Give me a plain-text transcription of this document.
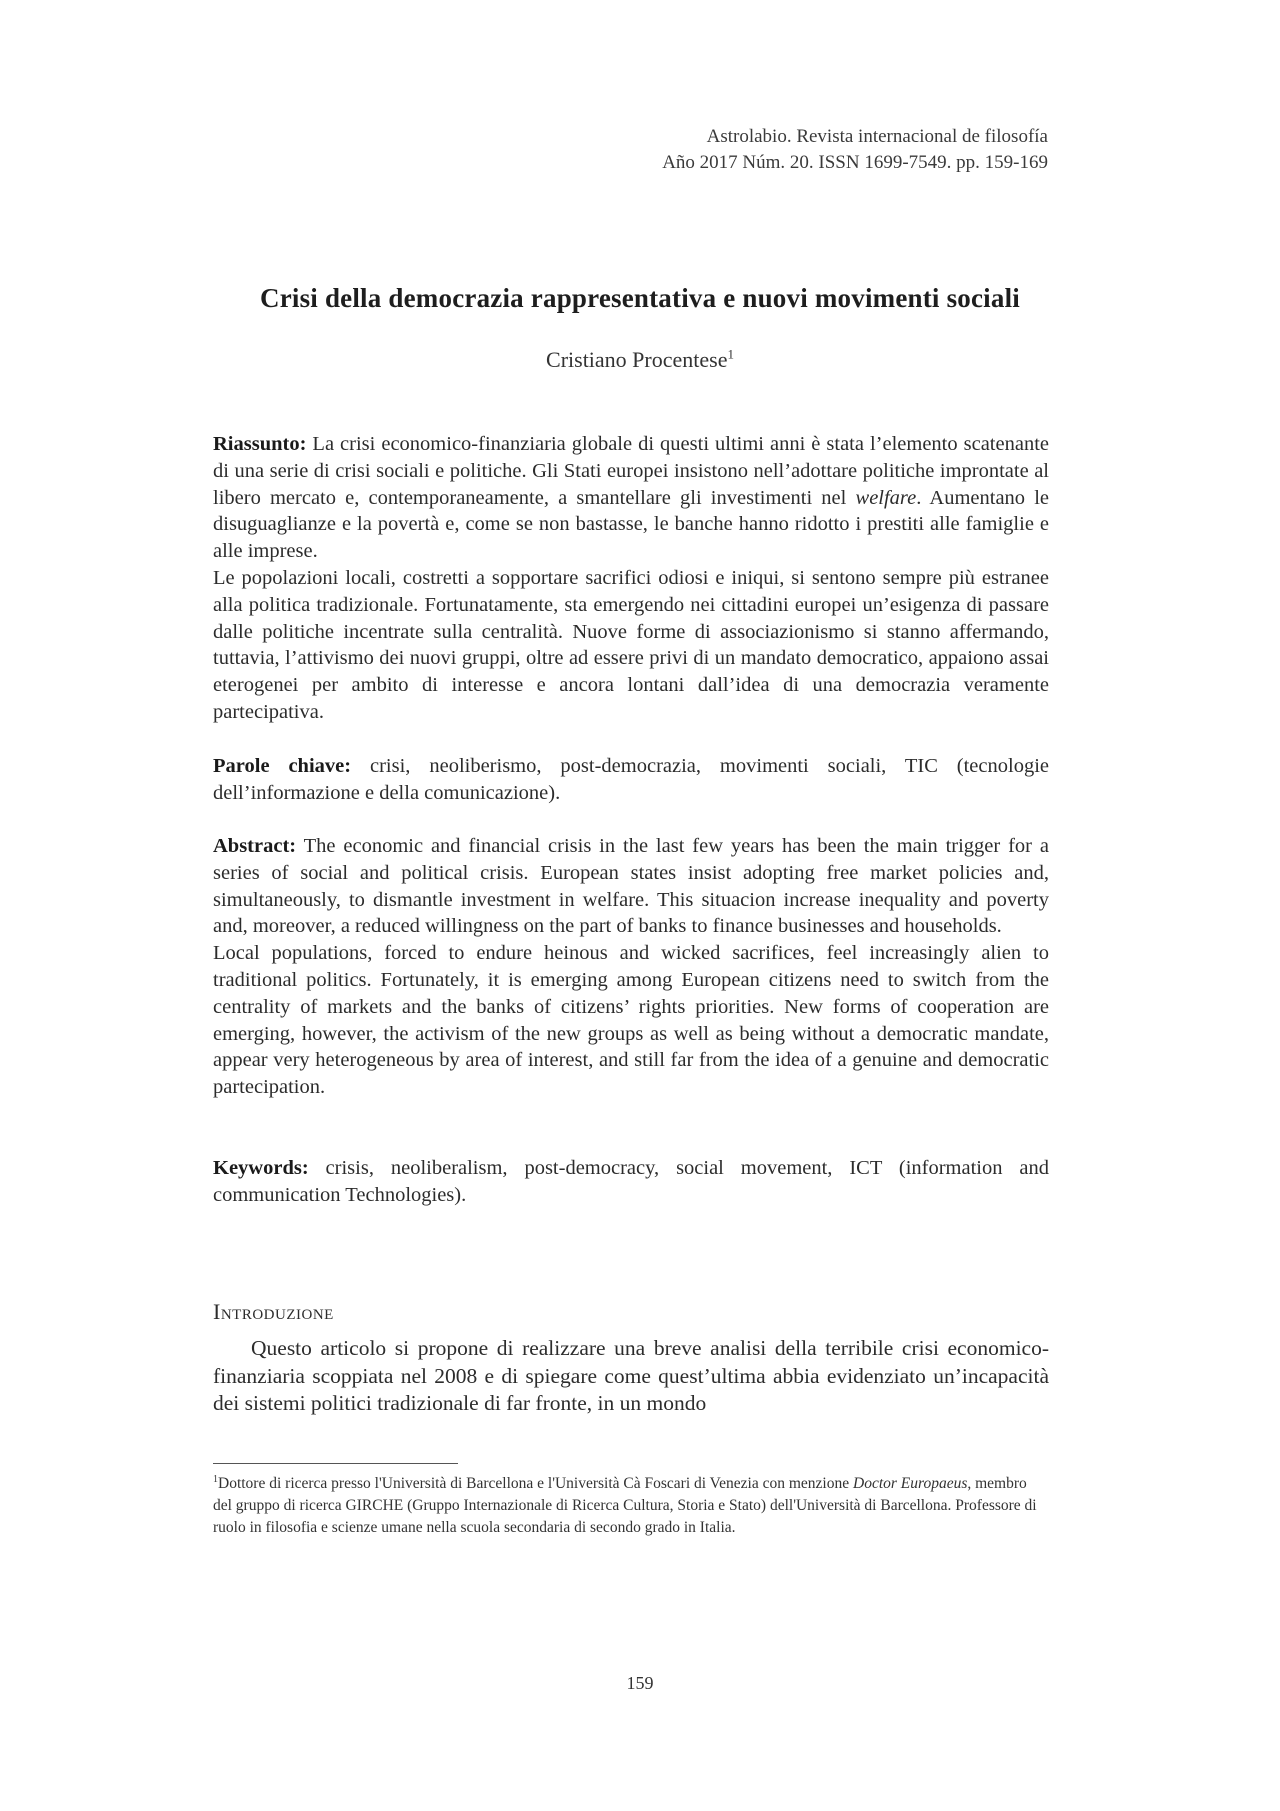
Astrolabio. Revista internacional de filosofía
Año 2017 Núm. 20. ISSN 1699-7549. pp. 159-169
Crisi della democrazia rappresentativa e nuovi movimenti sociali
Cristiano Procentese$^1$

Riassunto: La crisi economico-finanziaria globale di questi ultimi anni è stata l’elemento scatenante di una serie di crisi sociali e politiche. Gli Stati europei insistono nell’adottare politiche improntate al libero mercato e, contemporaneamente, a smantellare gli investimenti nel welfare. Aumentano le disuguaglianze e la povertà e, come se non bastasse, le banche hanno ridotto i prestiti alle famiglie e alle imprese.

Le popolazioni locali, costretti a sopportare sacrifici odiosi e iniqui, si sentono sempre più estranee alla politica tradizionale. Fortunatamente, sta emergendo nei cittadini europei un’esigenza di passare dalle politiche incentrate sulla centralità. Nuove forme di associazionismo si stanno affermando, tuttavia, l’attivismo dei nuovi gruppi, oltre ad essere privi di un mandato democratico, appaiono assai eterogenei per ambito di interesse e ancora lontani dall’idea di una democrazia veramente partecipativa.

Parole chiave: crisi, neoliberismo, post-democrazia, movimenti sociali, TIC (tecnologie dell’informazione e della comunicazione).

Abstract: The economic and financial crisis in the last few years has been the main trigger for a series of social and political crisis. European states insist adopting free market policies and, simultaneously, to dismantle investment in welfare. This situacion increase inequality and poverty and, moreover, a reduced willingness on the part of banks to finance businesses and households.

Local populations, forced to endure heinous and wicked sacrifices, feel increasingly alien to traditional politics. Fortunately, it is emerging among European citizens need to switch from the centrality of markets and the banks of citizens’ rights priorities. New forms of cooperation are emerging, however, the activism of the new groups as well as being without a democratic mandate, appear very heterogeneous by area of interest, and still far from the idea of a genuine and democratic partecipation.

Keywords: crisis, neoliberalism, post-democracy, social movement, ICT (information and communication Technologies).

Introduzione
Questo articolo si propone di realizzare una breve analisi della terribile crisi economico-finanziaria scoppiata nel 2008 e di spiegare come quest’ultima abbia evidenziato un’incapacità dei sistemi politici tradizionale di far fronte, in un mondo
$^1$Dottore di ricerca presso l'Università di Barcellona e l'Università Cà Foscari di Venezia con menzione Doctor Europaeus, membro del gruppo di ricerca GIRCHE (Gruppo Internazionale di Ricerca Cultura, Storia e Stato) dell'Università di Barcellona. Professore di ruolo in filosofia e scienze umane nella scuola secondaria di secondo grado in Italia.
159
